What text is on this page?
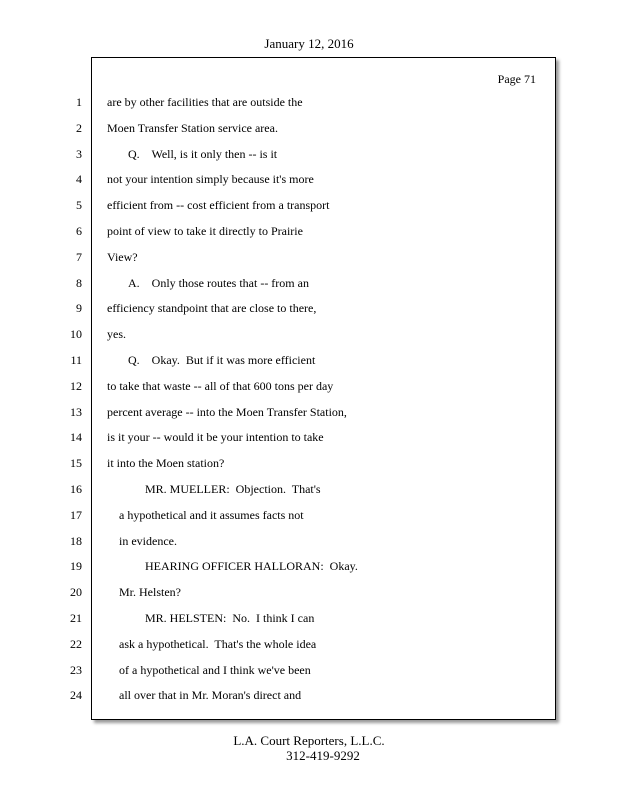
January 12, 2016
Page 71
1 are by other facilities that are outside the
2 Moen Transfer Station service area.
3	Q.    Well, is it only then -- is it
4 not your intention simply because it's more
5 efficient from -- cost efficient from a transport
6 point of view to take it directly to Prairie
7 View?
8	A.    Only those routes that -- from an
9 efficiency standpoint that are close to there,
10 yes.
11	Q.    Okay.  But if it was more efficient
12 to take that waste -- all of that 600 tons per day
13 percent average -- into the Moen Transfer Station,
14 is it your -- would it be your intention to take
15 it into the Moen station?
16	MR. MUELLER:  Objection.  That's
17	a hypothetical and it assumes facts not
18	in evidence.
19	HEARING OFFICER HALLORAN:  Okay.
20	Mr. Helsten?
21	MR. HELSTEN:  No.  I think I can
22	ask a hypothetical.  That's the whole idea
23	of a hypothetical and I think we've been
24	all over that in Mr. Moran's direct and
L.A. Court Reporters, L.L.C.
312-419-9292
